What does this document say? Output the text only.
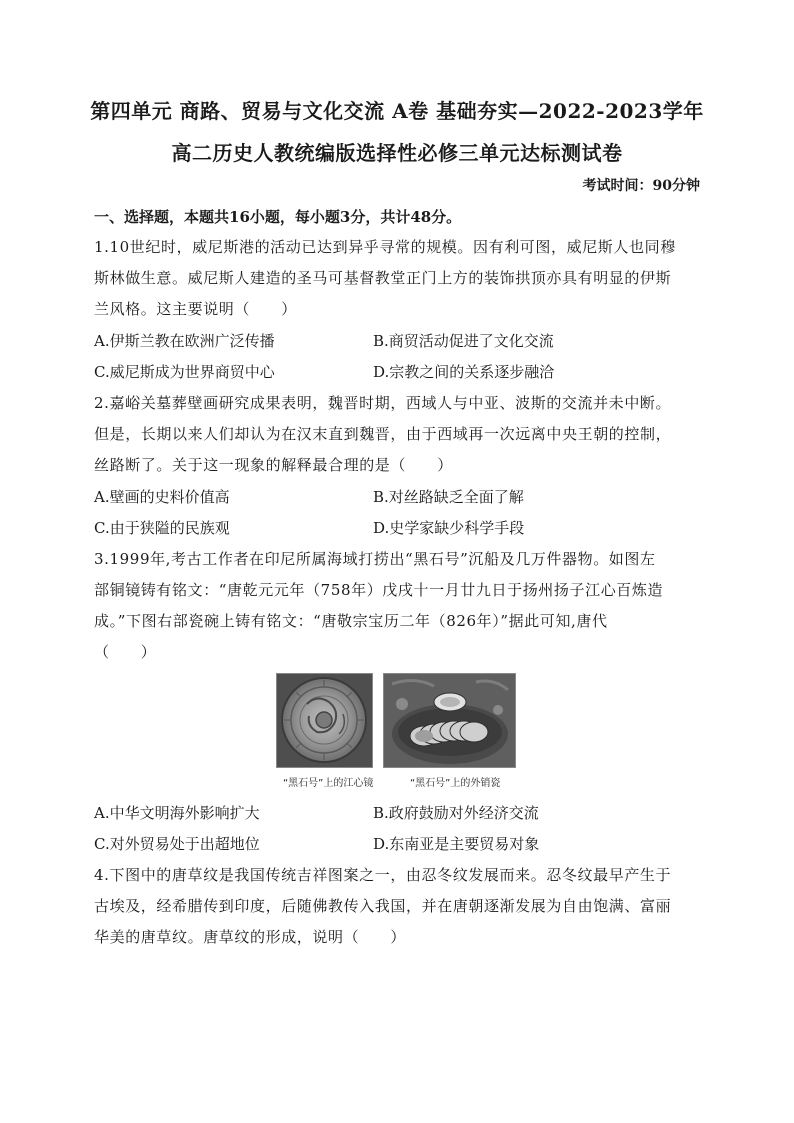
第四单元 商路、贸易与文化交流 A卷 基础夯实—2022-2023学年
高二历史人教统编版选择性必修三单元达标测试卷
考试时间：90分钟
一、选择题，本题共16小题，每小题3分，共计48分。
1.10世纪时，威尼斯港的活动已达到异乎寻常的规模。因有利可图，威尼斯人也同穆
斯林做生意。威尼斯人建造的圣马可基督教堂正门上方的装饰拱顶亦具有明显的伊斯
兰风格。这主要说明（　　）
A.伊斯兰教在欧洲广泛传播	B.商贸活动促进了文化交流
C.威尼斯成为世界商贸中心	D.宗教之间的关系逐步融洽
2.嘉峪关墓葬壁画研究成果表明，魏晋时期，西域人与中亚、波斯的交流并未中断。
但是，长期以来人们却认为在汉末直到魏晋，由于西域再一次远离中央王朝的控制，
丝路断了。关于这一现象的解释最合理的是（　　）
A.壁画的史料价值高	B.对丝路缺乏全面了解
C.由于狭隘的民族观	D.史学家缺少科学手段
3.1999年,考古工作者在印尼所属海域打捞出“黑石号”沉船及几万件器物。如图左
部铜镜铸有铭文：“唐乾元元年（758年）戊戌十一月廿九日于扬州扬子江心百炼造
成。”下图右部瓷碗上铸有铭文：“唐敬宗宝历二年（826年）”据此可知,唐代
（　　）
“黑石号”上的江心镜	“黑石号”上的外销瓷
A.中华文明海外影响扩大	B.政府鼓励对外经济交流
C.对外贸易处于出超地位	D.东南亚是主要贸易对象
4.下图中的唐草纹是我国传统吉祥图案之一，由忍冬纹发展而来。忍冬纹最早产生于
古埃及，经希腊传到印度，后随佛教传入我国，并在唐朝逐渐发展为自由饱满、富丽
华美的唐草纹。唐草纹的形成，说明（　　）
